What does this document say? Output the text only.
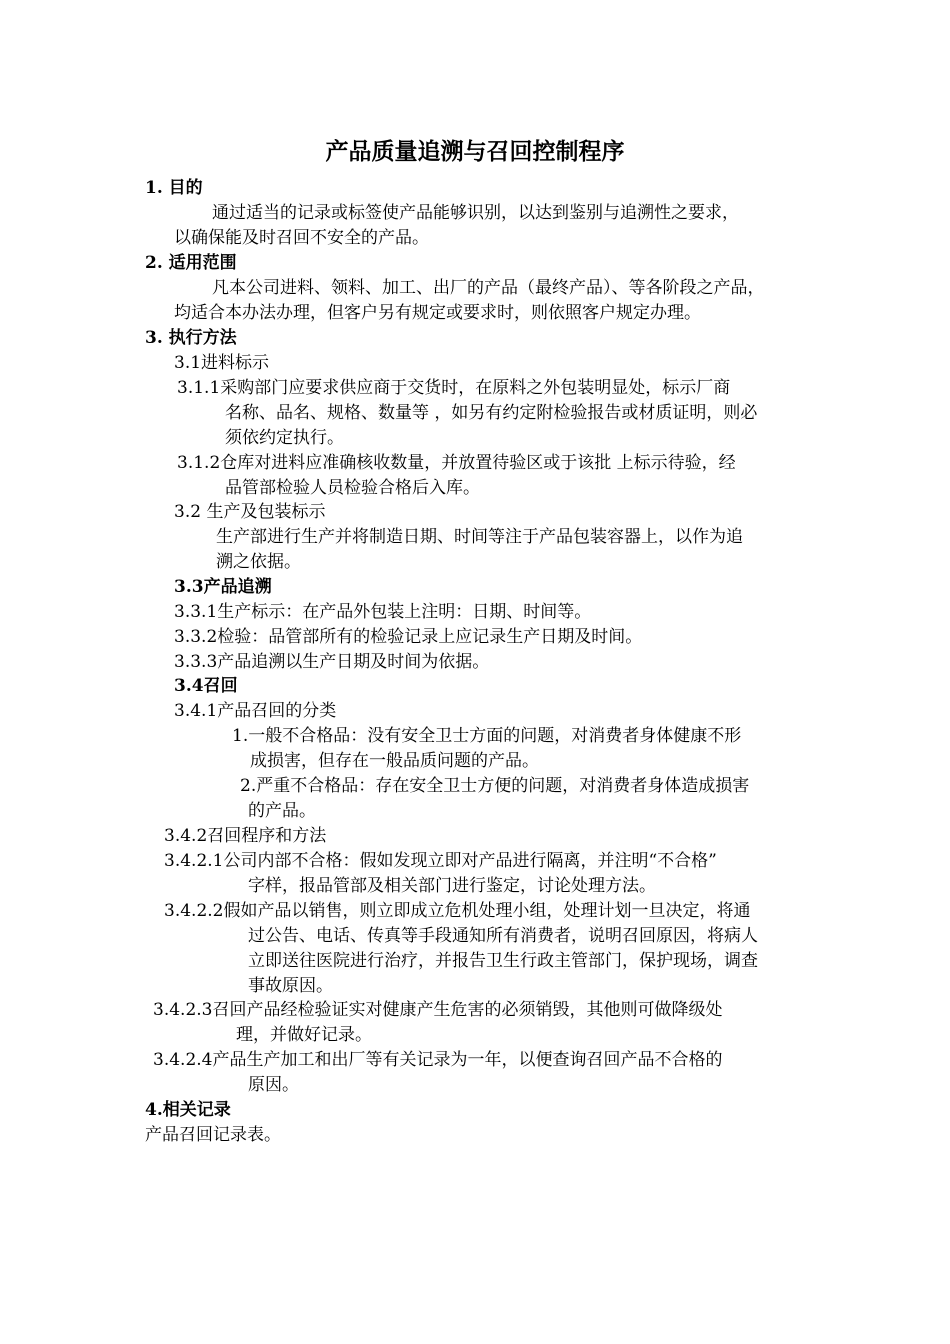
产品质量追溯与召回控制程序
1. 目的
通过适当的记录或标签使产品能够识别，以达到鉴别与追溯性之要求，
以确保能及时召回不安全的产品。
2. 适用范围
凡本公司进料、领料、加工、出厂的产品（最终产品）、等各阶段之产品，
均适合本办法办理，但客户另有规定或要求时，则依照客户规定办理。
3. 执行方法
3.1进料标示
3.1.1采购部门应要求供应商于交货时，在原料之外包装明显处，标示厂商
名称、品名、规格、数量等 ，如另有约定附检验报告或材质证明，则必
须依约定执行。
3.1.2仓库对进料应准确核收数量，并放置待验区或于该批 上标示待验，经
品管部检验人员检验合格后入库。
3.2 生产及包装标示
生产部进行生产并将制造日期、时间等注于产品包装容器上，以作为追
溯之依据。
3.3产品追溯
3.3.1生产标示：在产品外包装上注明：日期、时间等。
3.3.2检验：品管部所有的检验记录上应记录生产日期及时间。
3.3.3产品追溯以生产日期及时间为依据。
3.4召回
3.4.1产品召回的分类
1.一般不合格品：没有安全卫士方面的问题，对消费者身体健康不形
成损害，但存在一般品质问题的产品。
2.严重不合格品：存在安全卫士方便的问题，对消费者身体造成损害
的产品。
3.4.2召回程序和方法
3.4.2.1公司内部不合格：假如发现立即对产品进行隔离，并注明“不合格”
字样，报品管部及相关部门进行鉴定，讨论处理方法。
3.4.2.2假如产品以销售，则立即成立危机处理小组，处理计划一旦决定，将通
过公告、电话、传真等手段通知所有消费者，说明召回原因，将病人
立即送往医院进行治疗，并报告卫生行政主管部门，保护现场，调查
事故原因。
3.4.2.3召回产品经检验证实对健康产生危害的必须销毁，其他则可做降级处
理，并做好记录。
3.4.2.4产品生产加工和出厂等有关记录为一年，以便查询召回产品不合格的
原因。
4.相关记录
产品召回记录表。
